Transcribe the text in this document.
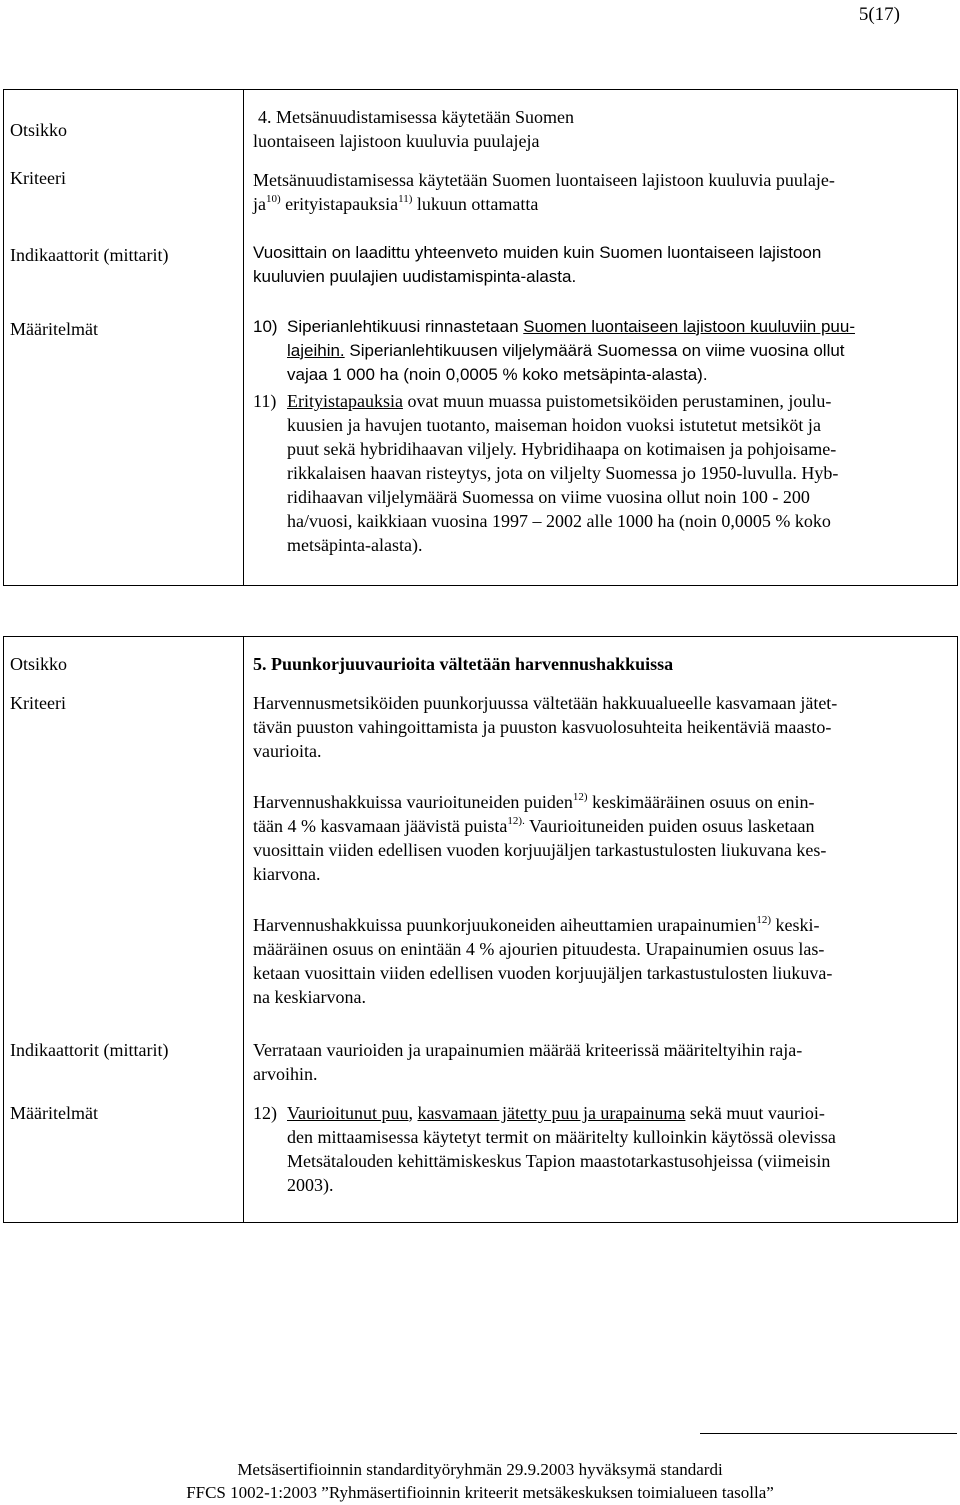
5(17)
Otsikko
Kriteeri
Indikaattorit (mittarit)
Määritelmät
4. Metsänuudistamisessa käytetään Suomen
luontaiseen lajistoon kuuluvia puulajeja
Metsänuudistamisessa käytetään Suomen luontaiseen lajistoon kuuluvia puulaje-
$ja^{10)}$ erityistapauksia$^{11)}$ lukuun ottamatta
Vuosittain on laadittu yhteenveto muiden kuin Suomen luontaiseen lajistoon
kuuluvien puulajien uudistamispinta-alasta.
10) Siperianlehtikuusi rinnastetaan Suomen luontaiseen lajistoon kuuluviin puu-
lajeihin. Siperianlehtikuusen viljelymäärä Suomessa on viime vuosina ollut
vajaa 1 000 ha (noin 0,0005 % koko metsäpinta-alasta).
11) Erityistapauksia ovat muun muassa puistometsiköiden perustaminen, joulu-
kuusien ja havujen tuotanto, maiseman hoidon vuoksi istutetut metsiköt ja
puut sekä hybridihaavan viljely. Hybridihaapa on kotimaisen ja pohjoisame-
rikkalaisen haavan risteytys, jota on viljelty Suomessa jo 1950-luvulla. Hyb-
ridihaavan viljelymäärä Suomessa on viime vuosina ollut noin 100 - 200
ha/vuosi, kaikkiaan vuosina 1997 – 2002 alle 1000 ha (noin 0,0005 % koko
metsäpinta-alasta).
Otsikko
Kriteeri
Indikaattorit (mittarit)
Määritelmät
5. Puunkorjuuvaurioita vältetään harvennushakkuissa
Harvennusmetsiköiden puunkorjuussa vältetään hakkuualueelle kasvamaan jätet-
tävän puuston vahingoittamista ja puuston kasvuolosuhteita heikentäviä maasto-
vaurioita.
Harvennushakkuissa vaurioituneiden puiden$^{12)}$ keskimääräinen osuus on enin-
tään 4 % kasvamaan jäävistä puista$^{12).}$ Vaurioituneiden puiden osuus lasketaan
vuosittain viiden edellisen vuoden korjuujäljen tarkastustulosten liukuvana kes-
kiarvona.
Harvennushakkuissa puunkorjuukoneiden aiheuttamien urapainumien$^{12)}$ keski-
määräinen osuus on enintään 4 % ajourien pituudesta. Urapainumien osuus las-
ketaan vuosittain viiden edellisen vuoden korjuujäljen tarkastustulosten liukuva-
na keskiarvona.
Verrataan vaurioiden ja urapainumien määrää kriteerissä määriteltyihin raja-
arvoihin.
12) Vaurioitunut puu, kasvamaan jätetty puu ja urapainuma sekä muut vaurioi-
den mittaamisessa käytetyt termit on määritelty kulloinkin käytössä olevissa
Metsätalouden kehittämiskeskus Tapion maastotarkastusohjeissa (viimeisin
2003).
Metsäsertifioinnin standardityöryhmän 29.9.2003 hyväksymä standardi
FFCS 1002-1:2003 ”Ryhmäsertifioinnin kriteerit metsäkeskuksen toimialueen tasolla”
